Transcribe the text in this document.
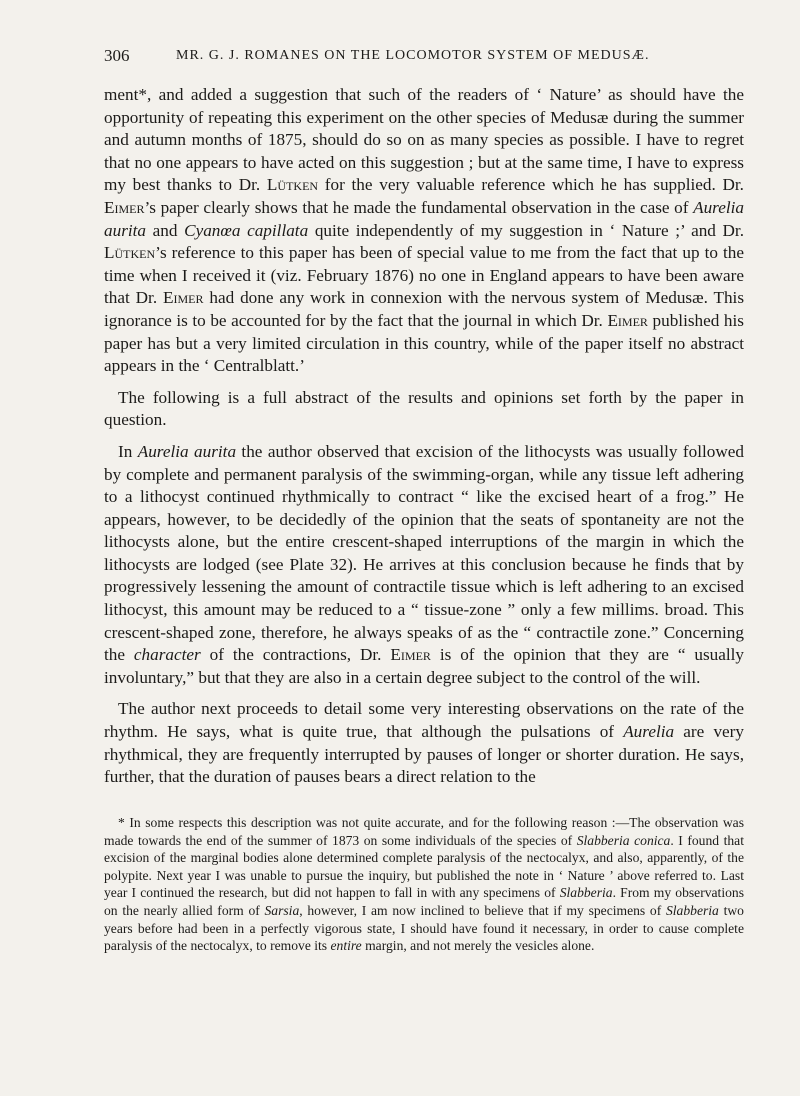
306	MR. G. J. ROMANES ON THE LOCOMOTOR SYSTEM OF MEDUSÆ.

ment*, and added a suggestion that such of the readers of ‘ Nature’ as should have the opportunity of repeating this experiment on the other species of Medusæ during the summer and autumn months of 1875, should do so on as many species as possible. I have to regret that no one appears to have acted on this suggestion ; but at the same time, I have to express my best thanks to Dr. Lütken for the very valuable reference which he has supplied. Dr. Eimer’s paper clearly shows that he made the fundamental observation in the case of Aurelia aurita and Cyanœa capillata quite independently of my suggestion in ‘ Nature ;’ and Dr. Lütken’s reference to this paper has been of special value to me from the fact that up to the time when I received it (viz. February 1876) no one in England appears to have been aware that Dr. Eimer had done any work in connexion with the nervous system of Medusæ. This ignorance is to be accounted for by the fact that the journal in which Dr. Eimer published his paper has but a very limited circulation in this country, while of the paper itself no abstract appears in the ‘ Centralblatt.’

The following is a full abstract of the results and opinions set forth by the paper in question.

In Aurelia aurita the author observed that excision of the lithocysts was usually followed by complete and permanent paralysis of the swimming-organ, while any tissue left adhering to a lithocyst continued rhythmically to contract “ like the excised heart of a frog.” He appears, however, to be decidedly of the opinion that the seats of spontaneity are not the lithocysts alone, but the entire crescent-shaped interruptions of the margin in which the lithocysts are lodged (see Plate 32). He arrives at this conclusion because he finds that by progressively lessening the amount of contractile tissue which is left adhering to an excised lithocyst, this amount may be reduced to a “ tissue-zone ” only a few millims. broad. This crescent-shaped zone, therefore, he always speaks of as the “ contractile zone.” Concerning the character of the contractions, Dr. Eimer is of the opinion that they are “ usually involuntary,” but that they are also in a certain degree subject to the control of the will.

The author next proceeds to detail some very interesting observations on the rate of the rhythm. He says, what is quite true, that although the pulsations of Aurelia are very rhythmical, they are frequently interrupted by pauses of longer or shorter duration. He says, further, that the duration of pauses bears a direct relation to the

* In some respects this description was not quite accurate, and for the following reason :—The observation was made towards the end of the summer of 1873 on some individuals of the species of Slabberia conica. I found that excision of the marginal bodies alone determined complete paralysis of the nectocalyx, and also, apparently, of the polypite. Next year I was unable to pursue the inquiry, but published the note in ‘ Nature ’ above referred to. Last year I continued the research, but did not happen to fall in with any specimens of Slabberia. From my observations on the nearly allied form of Sarsia, however, I am now inclined to believe that if my specimens of Slabberia two years before had been in a perfectly vigorous state, I should have found it necessary, in order to cause complete paralysis of the nectocalyx, to remove its entire margin, and not merely the vesicles alone.
